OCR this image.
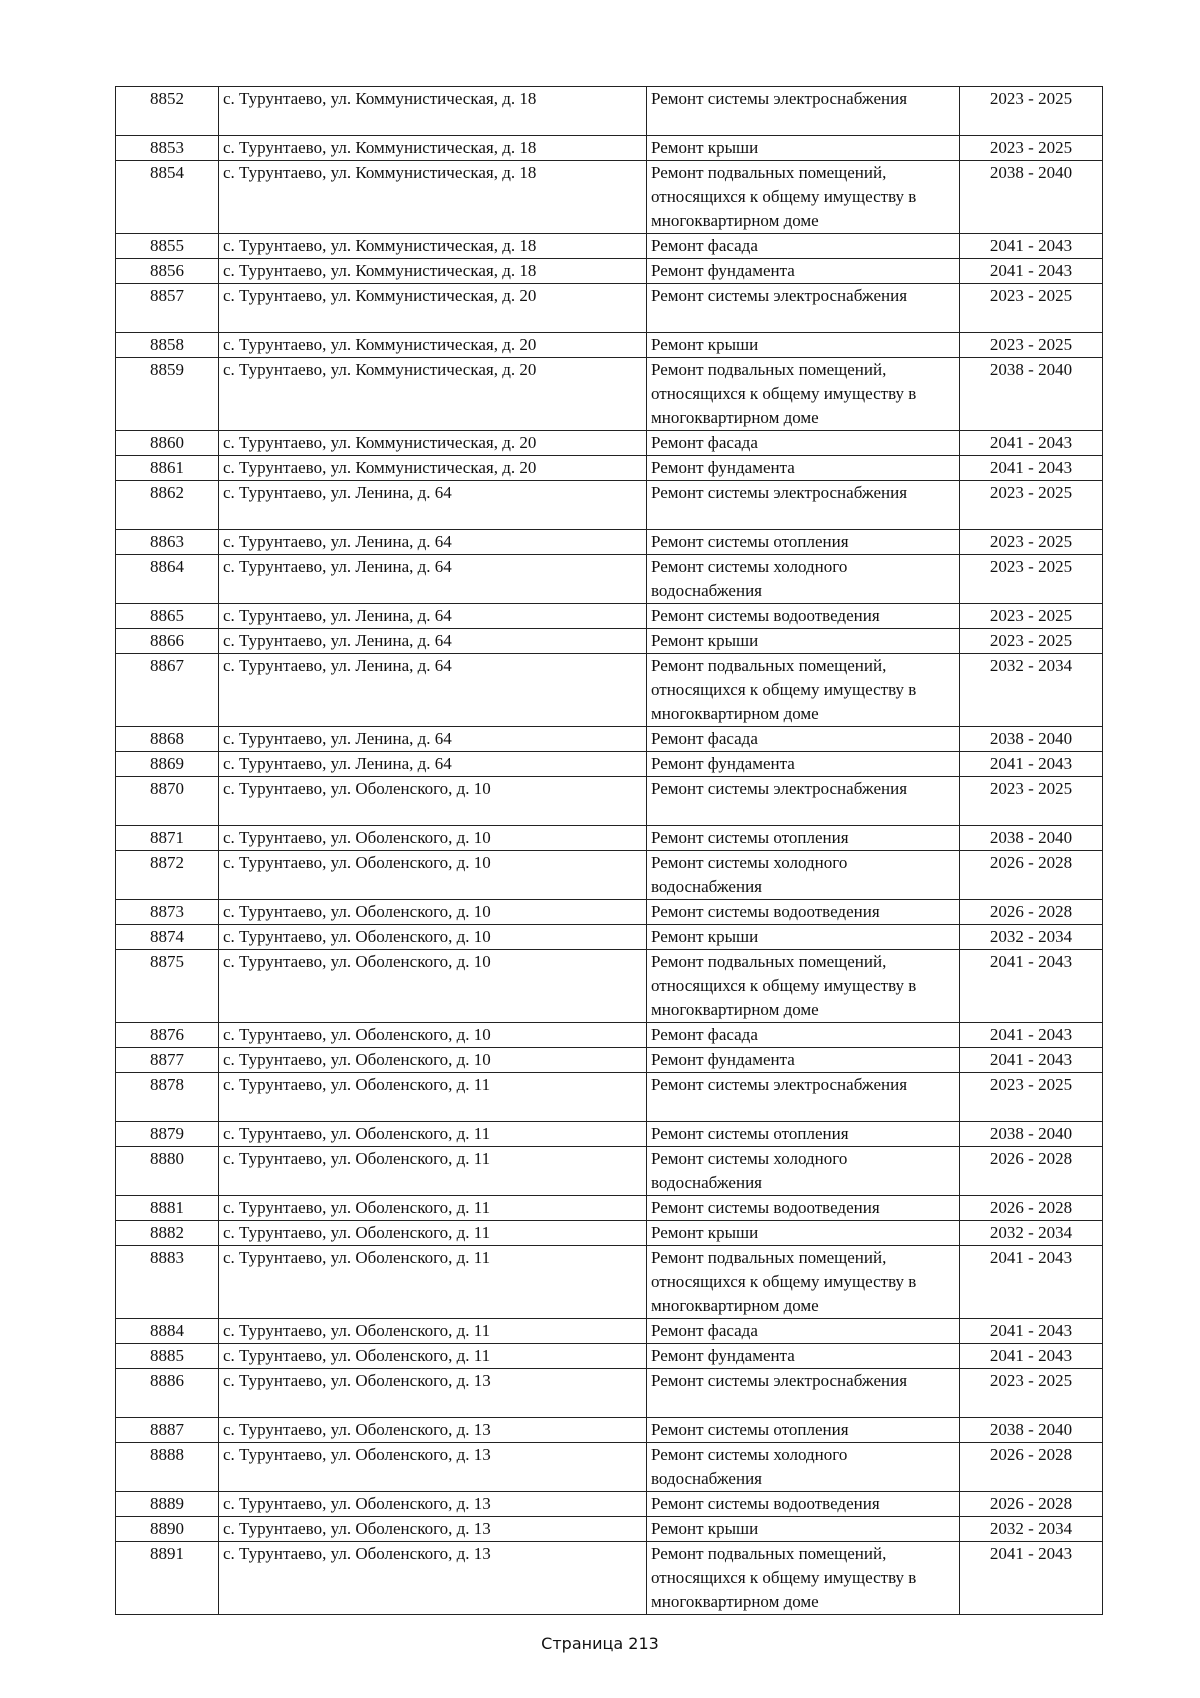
8852	с. Турунтаево, ул. Коммунистическая, д. 18	Ремонт системы электроснабжения	2023 - 2025
8853	с. Турунтаево, ул. Коммунистическая, д. 18	Ремонт крыши	2023 - 2025
8854	с. Турунтаево, ул. Коммунистическая, д. 18	Ремонт подвальных помещений, относящихся к общему имуществу в многоквартирном доме	2038 - 2040
8855	с. Турунтаево, ул. Коммунистическая, д. 18	Ремонт фасада	2041 - 2043
8856	с. Турунтаево, ул. Коммунистическая, д. 18	Ремонт фундамента	2041 - 2043
8857	с. Турунтаево, ул. Коммунистическая, д. 20	Ремонт системы электроснабжения	2023 - 2025
8858	с. Турунтаево, ул. Коммунистическая, д. 20	Ремонт крыши	2023 - 2025
8859	с. Турунтаево, ул. Коммунистическая, д. 20	Ремонт подвальных помещений, относящихся к общему имуществу в многоквартирном доме	2038 - 2040
8860	с. Турунтаево, ул. Коммунистическая, д. 20	Ремонт фасада	2041 - 2043
8861	с. Турунтаево, ул. Коммунистическая, д. 20	Ремонт фундамента	2041 - 2043
8862	с. Турунтаево, ул. Ленина, д. 64	Ремонт системы электроснабжения	2023 - 2025
8863	с. Турунтаево, ул. Ленина, д. 64	Ремонт системы отопления	2023 - 2025
8864	с. Турунтаево, ул. Ленина, д. 64	Ремонт системы холодного водоснабжения	2023 - 2025
8865	с. Турунтаево, ул. Ленина, д. 64	Ремонт системы водоотведения	2023 - 2025
8866	с. Турунтаево, ул. Ленина, д. 64	Ремонт крыши	2023 - 2025
8867	с. Турунтаево, ул. Ленина, д. 64	Ремонт подвальных помещений, относящихся к общему имуществу в многоквартирном доме	2032 - 2034
8868	с. Турунтаево, ул. Ленина, д. 64	Ремонт фасада	2038 - 2040
8869	с. Турунтаево, ул. Ленина, д. 64	Ремонт фундамента	2041 - 2043
8870	с. Турунтаево, ул. Оболенского, д. 10	Ремонт системы электроснабжения	2023 - 2025
8871	с. Турунтаево, ул. Оболенского, д. 10	Ремонт системы отопления	2038 - 2040
8872	с. Турунтаево, ул. Оболенского, д. 10	Ремонт системы холодного водоснабжения	2026 - 2028
8873	с. Турунтаево, ул. Оболенского, д. 10	Ремонт системы водоотведения	2026 - 2028
8874	с. Турунтаево, ул. Оболенского, д. 10	Ремонт крыши	2032 - 2034
8875	с. Турунтаево, ул. Оболенского, д. 10	Ремонт подвальных помещений, относящихся к общему имуществу в многоквартирном доме	2041 - 2043
8876	с. Турунтаево, ул. Оболенского, д. 10	Ремонт фасада	2041 - 2043
8877	с. Турунтаево, ул. Оболенского, д. 10	Ремонт фундамента	2041 - 2043
8878	с. Турунтаево, ул. Оболенского, д. 11	Ремонт системы электроснабжения	2023 - 2025
8879	с. Турунтаево, ул. Оболенского, д. 11	Ремонт системы отопления	2038 - 2040
8880	с. Турунтаево, ул. Оболенского, д. 11	Ремонт системы холодного водоснабжения	2026 - 2028
8881	с. Турунтаево, ул. Оболенского, д. 11	Ремонт системы водоотведения	2026 - 2028
8882	с. Турунтаево, ул. Оболенского, д. 11	Ремонт крыши	2032 - 2034
8883	с. Турунтаево, ул. Оболенского, д. 11	Ремонт подвальных помещений, относящихся к общему имуществу в многоквартирном доме	2041 - 2043
8884	с. Турунтаево, ул. Оболенского, д. 11	Ремонт фасада	2041 - 2043
8885	с. Турунтаево, ул. Оболенского, д. 11	Ремонт фундамента	2041 - 2043
8886	с. Турунтаево, ул. Оболенского, д. 13	Ремонт системы электроснабжения	2023 - 2025
8887	с. Турунтаево, ул. Оболенского, д. 13	Ремонт системы отопления	2038 - 2040
8888	с. Турунтаево, ул. Оболенского, д. 13	Ремонт системы холодного водоснабжения	2026 - 2028
8889	с. Турунтаево, ул. Оболенского, д. 13	Ремонт системы водоотведения	2026 - 2028
8890	с. Турунтаево, ул. Оболенского, д. 13	Ремонт крыши	2032 - 2034
8891	с. Турунтаево, ул. Оболенского, д. 13	Ремонт подвальных помещений, относящихся к общему имуществу в многоквартирном доме	2041 - 2043
Страница 213
